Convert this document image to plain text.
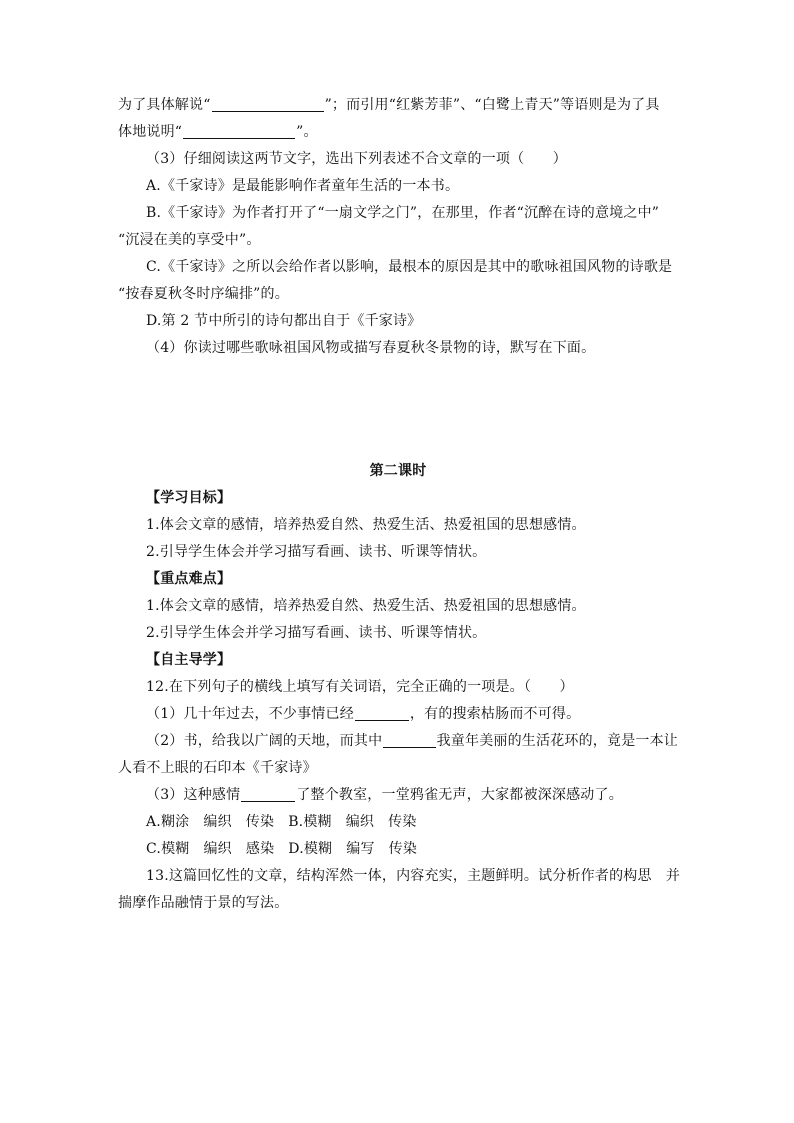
为了具体解说“	”；而引用“红紫芳菲”、“白鹭上青天”等语则是为了具
体地说明“	”。
（3）仔细阅读这两节文字，选出下列表述不合文章的一项（　　）
A.《千家诗》是最能影响作者童年生活的一本书。
B.《千家诗》为作者打开了“一扇文学之门”，在那里，作者“沉醉在诗的意境之中”
“沉浸在美的享受中”。
C.《千家诗》之所以会给作者以影响，最根本的原因是其中的歌咏祖国风物的诗歌是
“按春夏秋冬时序编排”的。
D.第 2 节中所引的诗句都出自于《千家诗》
（4）你读过哪些歌咏祖国风物或描写春夏秋冬景物的诗，默写在下面。
第二课时
【学习目标】
1.体会文章的感情，培养热爱自然、热爱生活、热爱祖国的思想感情。
2.引导学生体会并学习描写看画、读书、听课等情状。
【重点难点】
1.体会文章的感情，培养热爱自然、热爱生活、热爱祖国的思想感情。
2.引导学生体会并学习描写看画、读书、听课等情状。
【自主导学】
12.在下列句子的横线上填写有关词语，完全正确的一项是。（　　）
（1）几十年过去，不少事情已经	，有的搜索枯肠而不可得。
（2）书，给我以广阔的天地，而其中	我童年美丽的生活花环的，竟是一本让
人看不上眼的石印本《千家诗》
（3）这种感情	了整个教室，一堂鸦雀无声，大家都被深深感动了。
A.糊涂 编织 传染 B.模糊 编织 传染
C.模糊 编织 感染 D.模糊 编写 传染
13.这篇回忆性的文章，结构浑然一体，内容充实，主题鲜明。试分析作者的构思　并
揣摩作品融情于景的写法。
